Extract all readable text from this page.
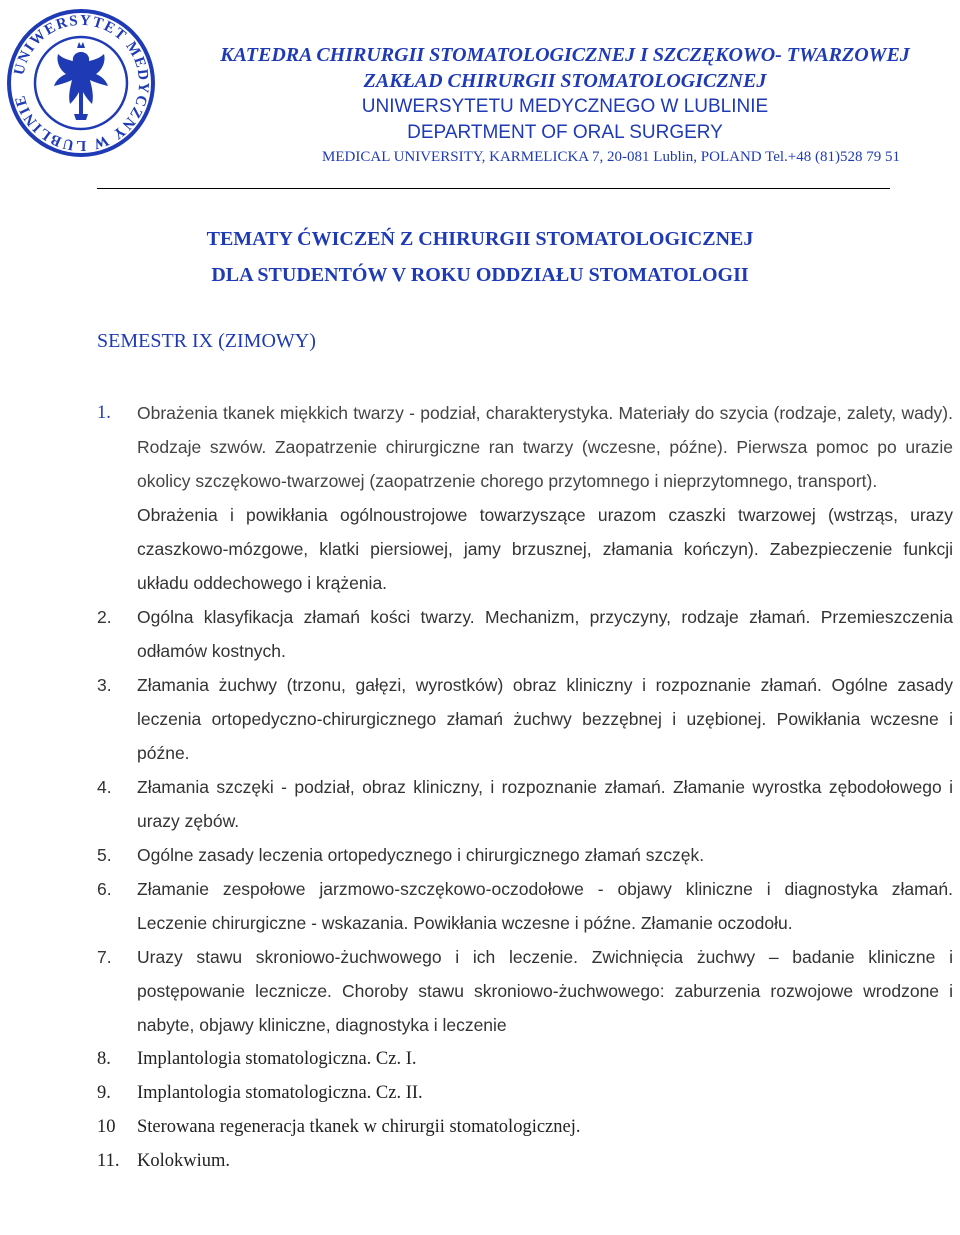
UNIWERSYTET MEDYCZNY W LUBLINIE
KATEDRA CHIRURGII STOMATOLOGICZNEJ I SZCZĘKOWO- TWARZOWEJ
ZAKŁAD CHIRURGII STOMATOLOGICZNEJ
UNIWERSYTETU MEDYCZNEGO W LUBLINIE
DEPARTMENT OF ORAL SURGERY
MEDICAL UNIVERSITY, KARMELICKA 7, 20-081 Lublin, POLAND Tel.+48 (81)528 79 51
TEMATY ĆWICZEŃ Z CHIRURGII STOMATOLOGICZNEJ
DLA STUDENTÓW V ROKU ODDZIAŁU STOMATOLOGII
SEMESTR IX (ZIMOWY)
1.	Obrażenia tkanek miękkich twarzy - podział, charakterystyka. Materiały do szycia (rodzaje, zalety, wady). Rodzaje szwów. Zaopatrzenie chirurgiczne ran twarzy (wczesne, późne). Pierwsza pomoc po urazie okolicy szczękowo-twarzowej (zaopatrzenie chorego przytomnego i nieprzytomnego, transport).
Obrażenia i powikłania ogólnoustrojowe towarzyszące urazom czaszki twarzowej (wstrząs, urazy czaszkowo-mózgowe, klatki piersiowej, jamy brzusznej, złamania kończyn). Zabezpieczenie funkcji układu oddechowego i krążenia.
2.	Ogólna klasyfikacja złamań kości twarzy. Mechanizm, przyczyny, rodzaje złamań. Przemieszczenia odłamów kostnych.
3.	Złamania żuchwy (trzonu, gałęzi, wyrostków) obraz kliniczny i rozpoznanie złamań. Ogólne zasady leczenia ortopedyczno-chirurgicznego złamań żuchwy bezzębnej i uzębionej. Powikłania wczesne i późne.
4.	Złamania szczęki - podział, obraz kliniczny, i rozpoznanie złamań. Złamanie wyrostka zębodołowego i urazy zębów.
5.	Ogólne zasady leczenia ortopedycznego i chirurgicznego złamań szczęk.
6.	Złamanie zespołowe jarzmowo-szczękowo-oczodołowe - objawy kliniczne i diagnostyka złamań. Leczenie chirurgiczne - wskazania. Powikłania wczesne i późne. Złamanie oczodołu.
7.	Urazy stawu skroniowo-żuchwowego i ich leczenie. Zwichnięcia żuchwy – badanie kliniczne i postępowanie lecznicze. Choroby stawu skroniowo-żuchwowego: zaburzenia rozwojowe wrodzone i nabyte, objawy kliniczne, diagnostyka i leczenie
8.	Implantologia stomatologiczna. Cz. I.
9.	Implantologia stomatologiczna. Cz. II.
10	Sterowana regeneracja tkanek w chirurgii stomatologicznej.
11. Kolokwium.
